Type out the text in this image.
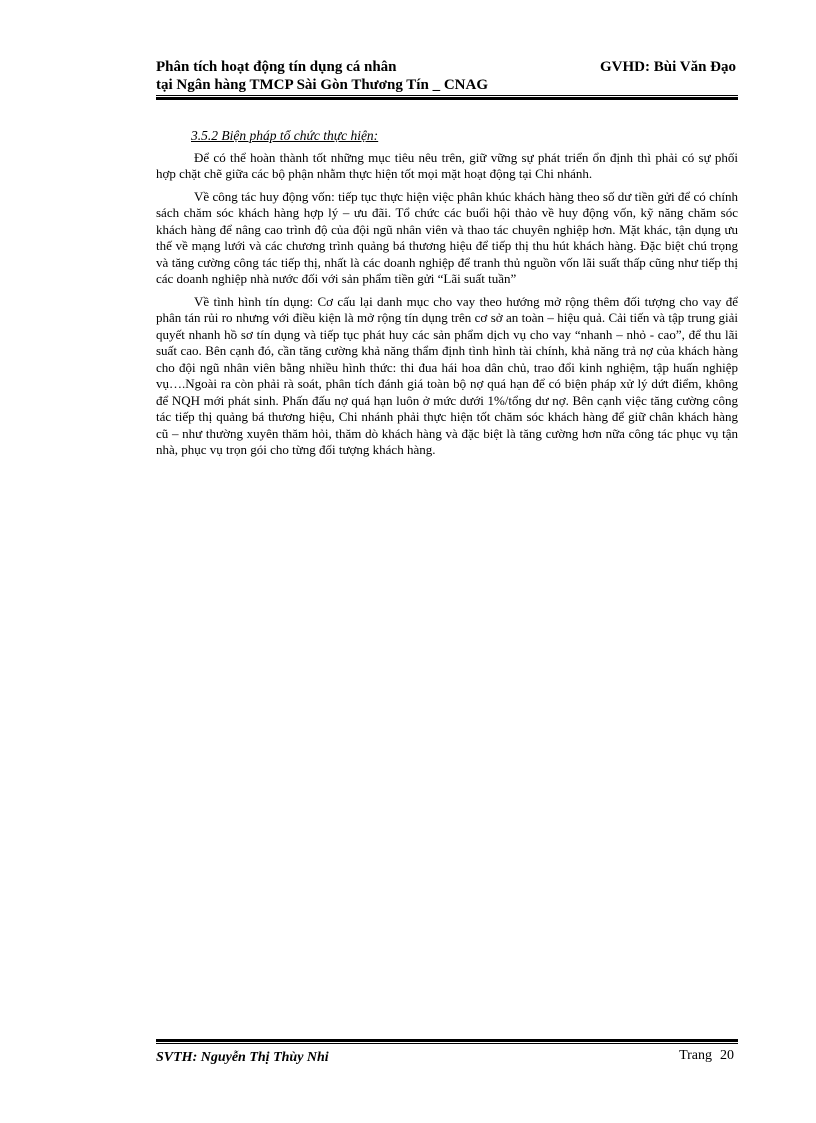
Phân tích hoạt động tín dụng cá nhân
tại Ngân hàng TMCP Sài Gòn Thương Tín _ CNAG
GVHD: Bùi Văn Đạo
3.5.2 Biện pháp tổ chức thực hiện:

Để có thể hoàn thành tốt những mục tiêu nêu trên, giữ vững sự phát triển ổn định thì phải có sự phối hợp chặt chẽ giữa các bộ phận nhằm thực hiện tốt mọi mặt hoạt động tại Chi nhánh.

Về công tác huy động vốn: tiếp tục thực hiện việc phân khúc khách hàng theo số dư tiền gửi để có chính sách chăm sóc khách hàng hợp lý – ưu đãi. Tổ chức các buổi hội thảo về huy động vốn, kỹ năng chăm sóc khách hàng để nâng cao trình độ của đội ngũ nhân viên và thao tác chuyên nghiệp hơn. Mặt khác, tận dụng ưu thế về mạng lưới và các chương trình quảng bá thương hiệu để tiếp thị thu hút khách hàng. Đặc biệt chú trọng và tăng cường công tác tiếp thị, nhất là các doanh nghiệp để tranh thủ nguồn vốn lãi suất thấp cũng như tiếp thị các doanh nghiệp nhà nước đối với sản phẩm tiền gửi “Lãi suất tuần”

Về tình hình tín dụng: Cơ cấu lại danh mục cho vay theo hướng mở rộng thêm đối tượng cho vay để phân tán rủi ro nhưng với điều kiện là mở rộng tín dụng trên cơ sở an toàn – hiệu quả. Cải tiến và tập trung giải quyết nhanh hồ sơ tín dụng và tiếp tục phát huy các sản phẩm dịch vụ cho vay “nhanh – nhỏ - cao”, để thu lãi suất cao. Bên cạnh đó, cần tăng cường khả năng thẩm định tình hình tài chính, khả năng trả nợ của khách hàng cho đội ngũ nhân viên bằng nhiều hình thức: thi đua hái hoa dân chủ, trao đổi kinh nghiệm, tập huấn nghiệp vụ….Ngoài ra còn phải rà soát, phân tích đánh giá toàn bộ nợ quá hạn để có biện pháp xử lý dứt điểm, không để NQH mới phát sinh. Phấn đấu nợ quá hạn luôn ở mức dưới 1%/tổng dư nợ. Bên cạnh việc tăng cường công tác tiếp thị quảng bá thương hiệu, Chi nhánh phải thực hiện tốt chăm sóc khách hàng để giữ chân khách hàng cũ – như thường xuyên thăm hỏi, thăm dò khách hàng và đặc biệt là tăng cường hơn nữa công tác phục vụ tận nhà, phục vụ trọn gói cho từng đối tượng khách hàng.

SVTH: Nguyễn Thị Thùy Nhi	Trang 20
